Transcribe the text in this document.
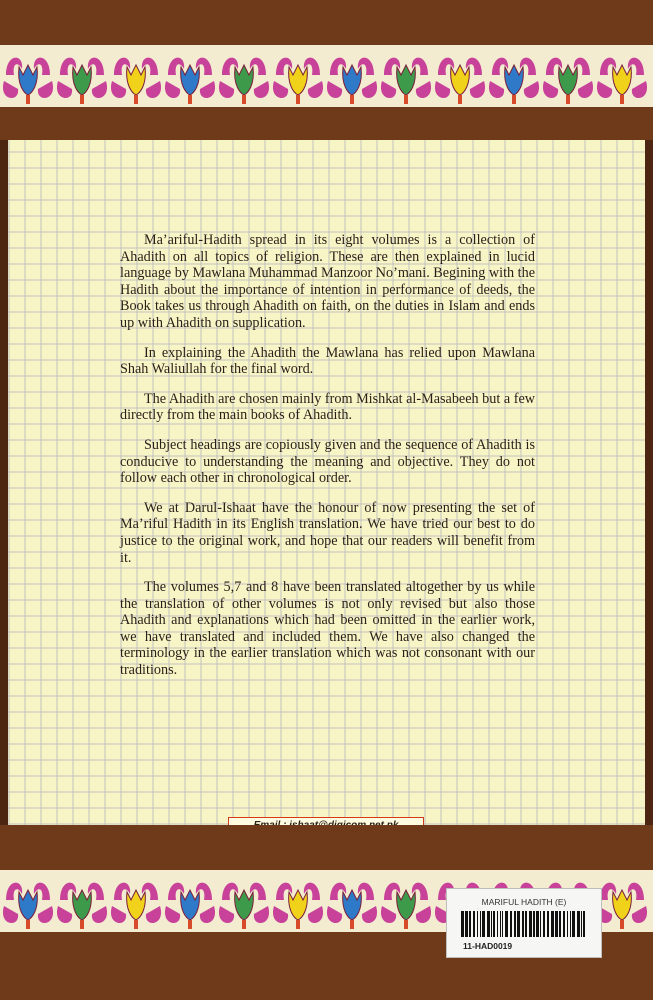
Ma’ariful-Hadith spread in its eight volumes is a collection of Ahadith on all topics of religion. These are then explained in lucid language by Mawlana Muhammad Manzoor No’mani. Begining with the Hadith about the importance of intention in performance of deeds, the Book takes us through Ahadith on faith, on the duties in Islam and ends up with Ahadith on supplication.

In explaining the Ahadith the Mawlana has relied upon Mawlana Shah Waliullah for the final word.

The Ahadith are chosen mainly from Mishkat al-Masabeeh but a few directly from the main books of Ahadith.

Subject headings are copiously given and the sequence of Ahadith is conducive to understanding the meaning and objective. They do not follow each other in chronological order.

We at Darul-Ishaat have the honour of now presenting the set of Ma’riful Hadith in its English translation. We have tried our best to do justice to the original work, and hope that our readers will benefit from it.

The volumes 5,7 and 8 have been translated altogether by us while the translation of other volumes is not only revised but also those Ahadith and explanations which had been omitted in the earlier work, we have translated and included them. We have also changed the terminology in the earlier translation which was not consonant with our traditions.

MARIFUL HADITH (E)
11-HAD0019
